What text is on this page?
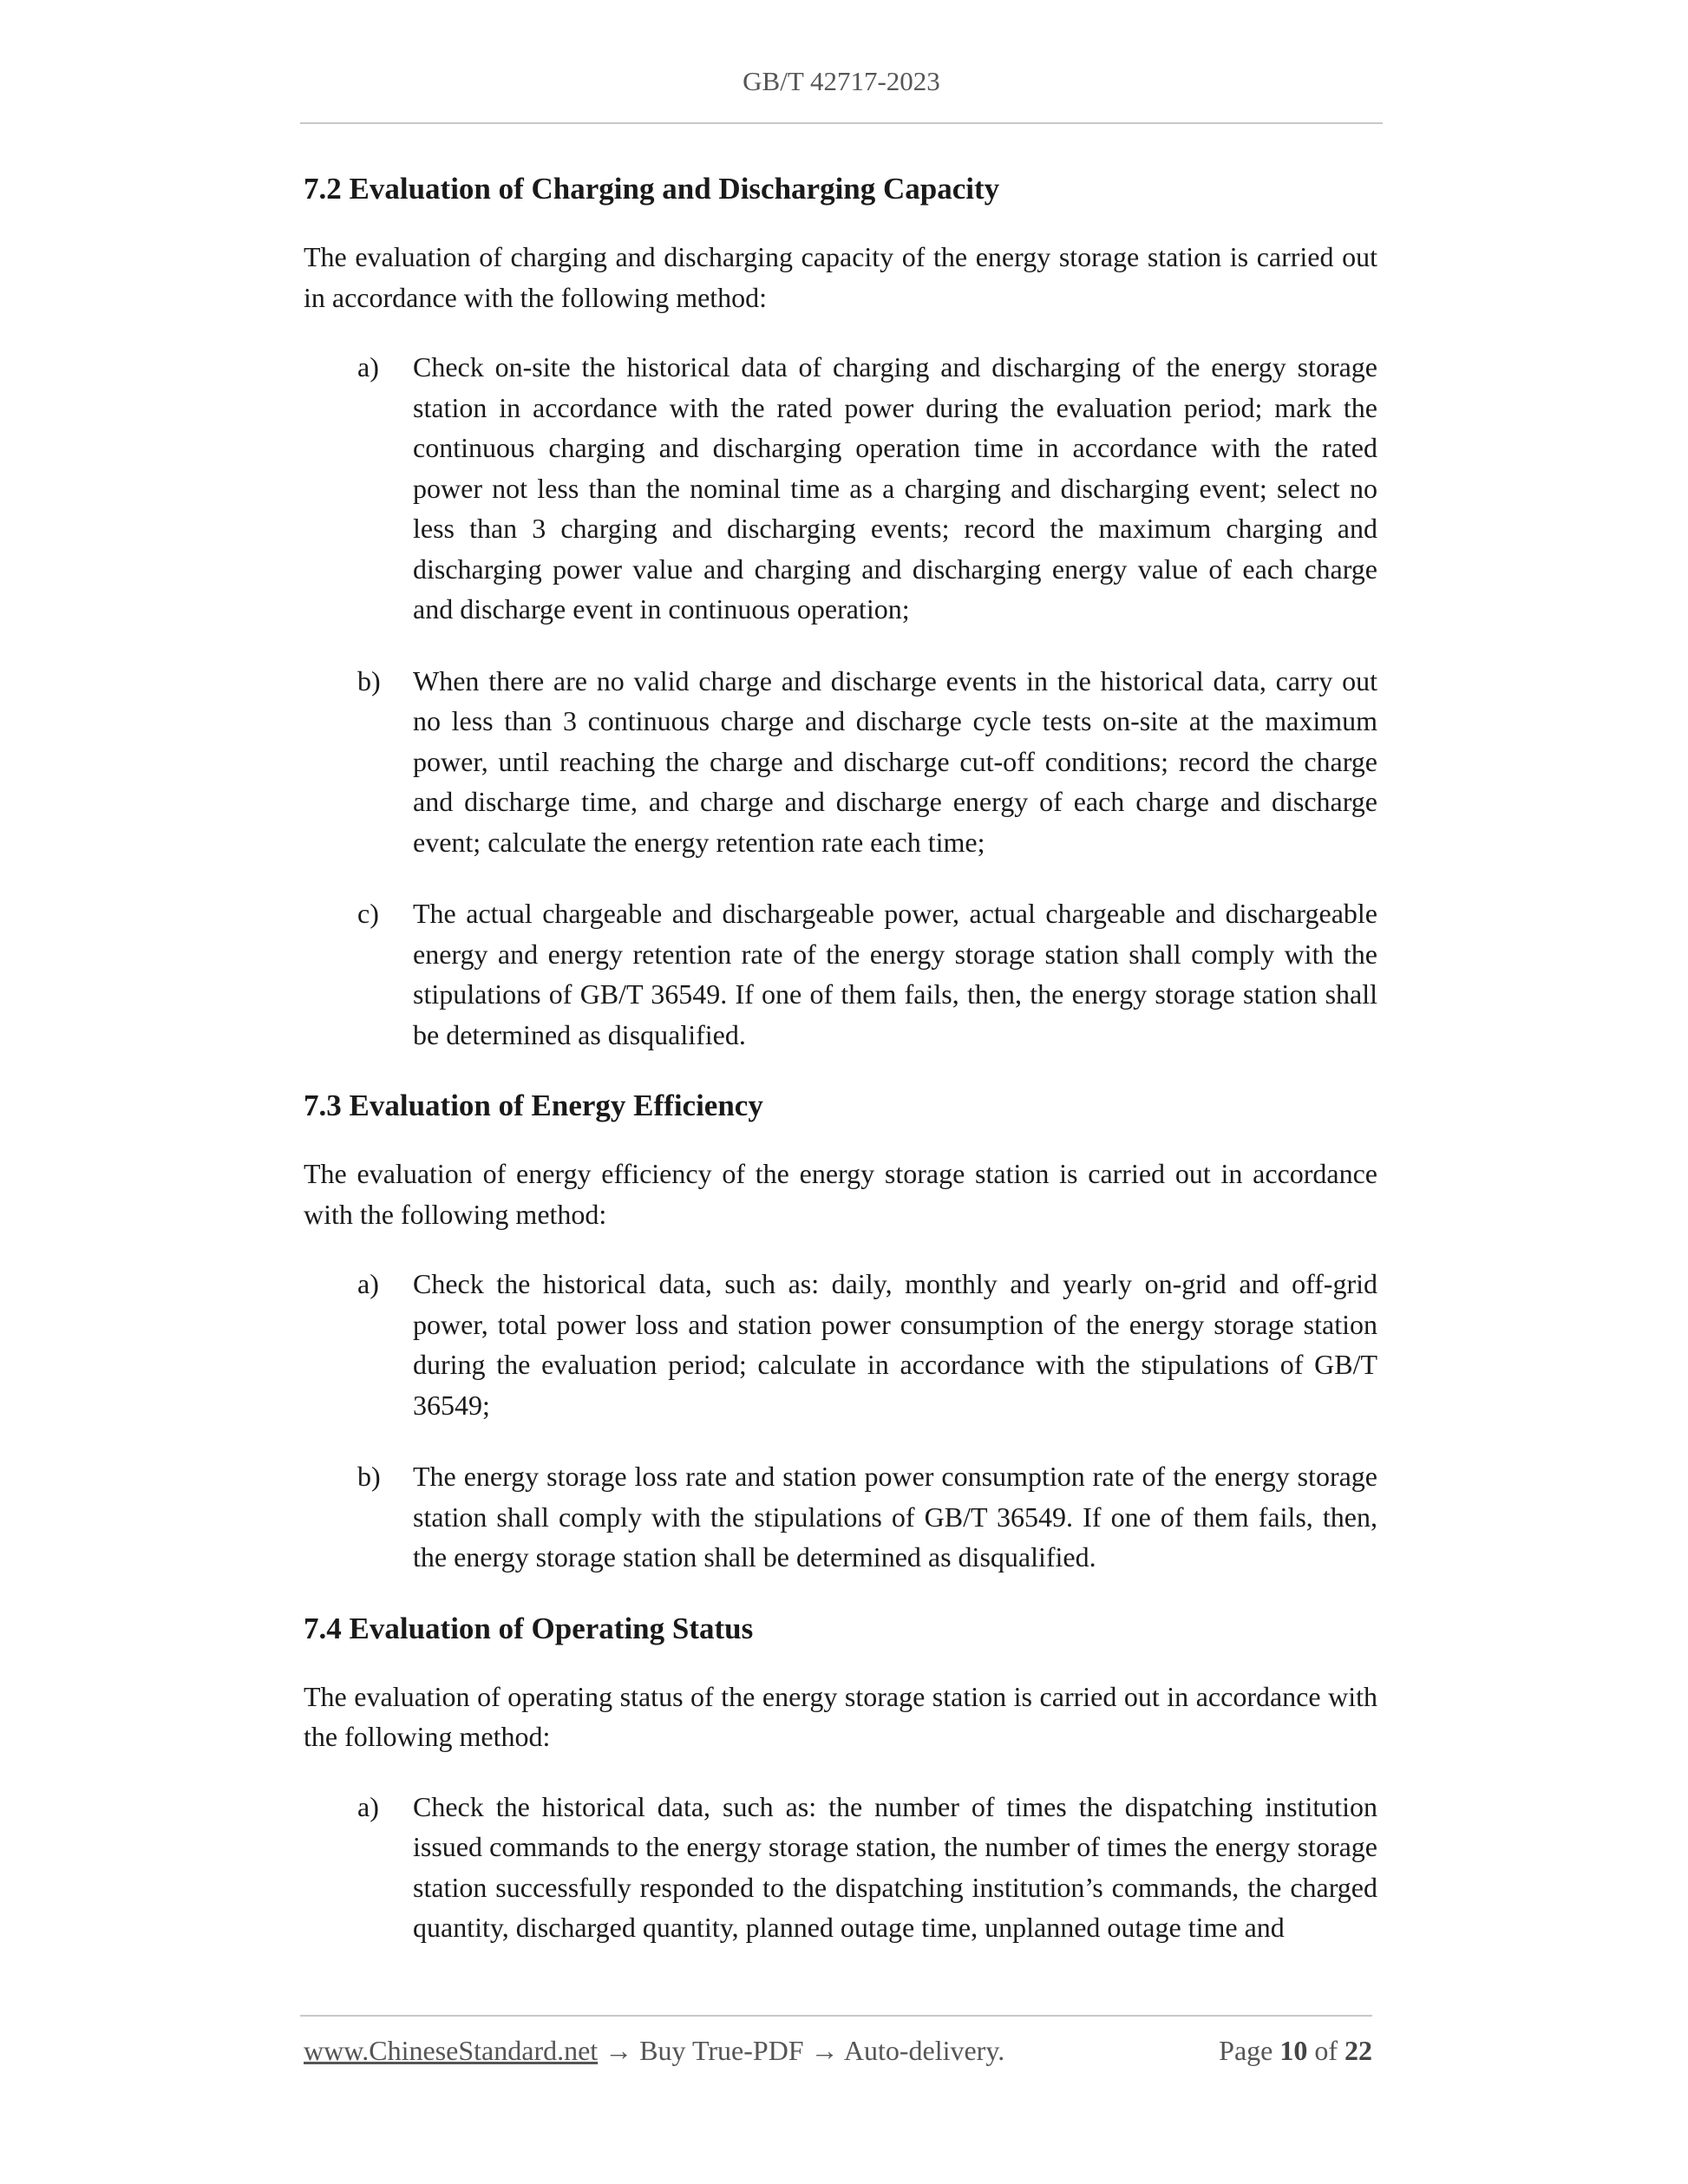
GB/T 42717-2023
7.2 Evaluation of Charging and Discharging Capacity

The evaluation of charging and discharging capacity of the energy storage station is carried out in accordance with the following method:

a) Check on-site the historical data of charging and discharging of the energy storage station in accordance with the rated power during the evaluation period; mark the continuous charging and discharging operation time in accordance with the rated power not less than the nominal time as a charging and discharging event; select no less than 3 charging and discharging events; record the maximum charging and discharging power value and charging and discharging energy value of each charge and discharge event in continuous operation;
b) When there are no valid charge and discharge events in the historical data, carry out no less than 3 continuous charge and discharge cycle tests on-site at the maximum power, until reaching the charge and discharge cut-off conditions; record the charge and discharge time, and charge and discharge energy of each charge and discharge event; calculate the energy retention rate each time;
c) The actual chargeable and dischargeable power, actual chargeable and dischargeable energy and energy retention rate of the energy storage station shall comply with the stipulations of GB/T 36549. If one of them fails, then, the energy storage station shall be determined as disqualified.
7.3 Evaluation of Energy Efficiency

The evaluation of energy efficiency of the energy storage station is carried out in accordance with the following method:

a) Check the historical data, such as: daily, monthly and yearly on-grid and off-grid power, total power loss and station power consumption of the energy storage station during the evaluation period; calculate in accordance with the stipulations of GB/T 36549;
b) The energy storage loss rate and station power consumption rate of the energy storage station shall comply with the stipulations of GB/T 36549. If one of them fails, then, the energy storage station shall be determined as disqualified.
7.4 Evaluation of Operating Status

The evaluation of operating status of the energy storage station is carried out in accordance with the following method:

a) Check the historical data, such as: the number of times the dispatching institution issued commands to the energy storage station, the number of times the energy storage station successfully responded to the dispatching institution’s commands, the charged quantity, discharged quantity, planned outage time, unplanned outage time and
www.ChineseStandard.net → Buy True-PDF → Auto-delivery.	Page 10 of 22
